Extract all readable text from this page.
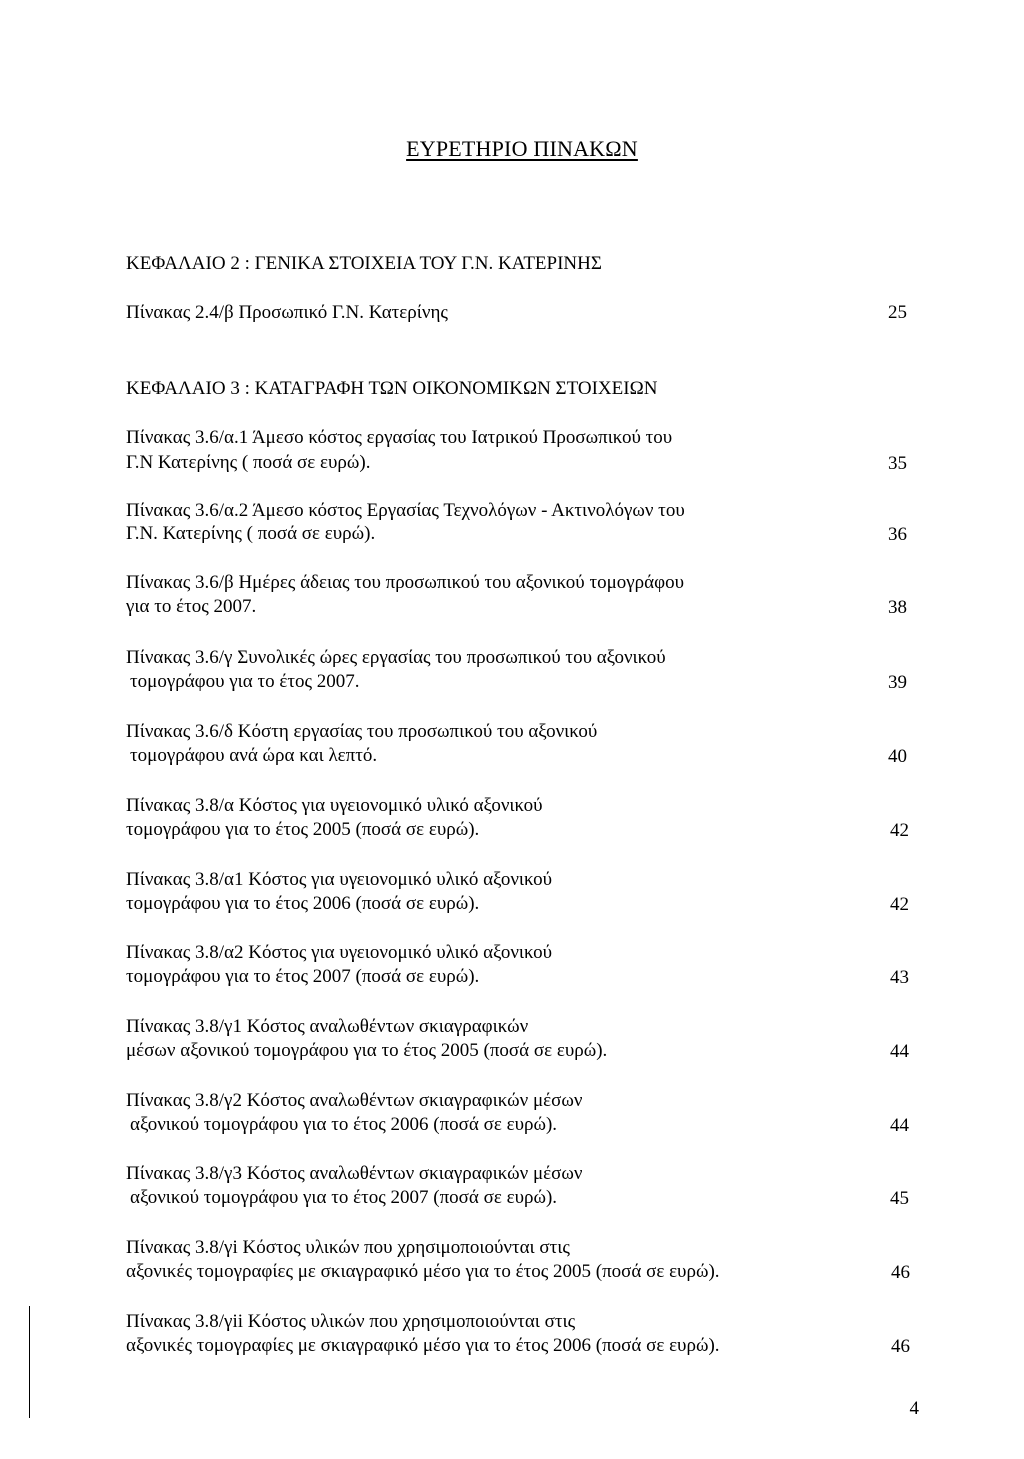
ΕΥΡΕΤΗΡΙΟ ΠΙΝΑΚΩΝ
ΚΕΦΑΛΑΙΟ 2 : ΓΕΝΙΚΑ ΣΤΟΙΧΕΙΑ ΤΟΥ Γ.Ν. ΚΑΤΕΡΙΝΗΣ
Πίνακας 2.4/β Προσωπικό Γ.Ν. Κατερίνης	25
ΚΕΦΑΛΑΙΟ 3 : ΚΑΤΑΓΡΑΦΗ ΤΩΝ ΟΙΚΟΝΟΜΙΚΩΝ ΣΤΟΙΧΕΙΩΝ
Πίνακας 3.6/α.1 Άμεσο κόστος εργασίας του Ιατρικού Προσωπικού του
Γ.Ν Κατερίνης ( ποσά σε ευρώ).	35
Πίνακας 3.6/α.2 Άμεσο κόστος Εργασίας Τεχνολόγων - Ακτινολόγων του
Γ.Ν. Κατερίνης ( ποσά σε ευρώ).	36
Πίνακας 3.6/β Ημέρες άδειας του προσωπικού του αξονικού τομογράφου
για το έτος 2007.	38
Πίνακας 3.6/γ Συνολικές ώρες εργασίας του προσωπικού του αξονικού
τομογράφου για το έτος 2007.	39
Πίνακας 3.6/δ Κόστη εργασίας του προσωπικού του αξονικού
τομογράφου ανά ώρα και λεπτό.	40
Πίνακας 3.8/α Κόστος για υγειονομικό υλικό αξονικού
τομογράφου για το έτος 2005 (ποσά σε ευρώ).	42
Πίνακας 3.8/α1 Κόστος για υγειονομικό υλικό αξονικού
τομογράφου για το έτος 2006 (ποσά σε ευρώ).	42
Πίνακας 3.8/α2 Κόστος για υγειονομικό υλικό αξονικού
τομογράφου για το έτος 2007 (ποσά σε ευρώ).	43
Πίνακας 3.8/γ1 Κόστος αναλωθέντων σκιαγραφικών
μέσων αξονικού τομογράφου για το έτος 2005 (ποσά σε ευρώ).	44
Πίνακας 3.8/γ2 Κόστος αναλωθέντων σκιαγραφικών μέσων
αξονικού τομογράφου για το έτος 2006 (ποσά σε ευρώ).	44
Πίνακας 3.8/γ3 Κόστος αναλωθέντων σκιαγραφικών μέσων
αξονικού τομογράφου για το έτος 2007 (ποσά σε ευρώ).	45
Πίνακας 3.8/γi Κόστος υλικών που χρησιμοποιούνται στις
αξονικές τομογραφίες με σκιαγραφικό μέσο για το έτος 2005 (ποσά σε ευρώ).	46
Πίνακας 3.8/γii Κόστος υλικών που χρησιμοποιούνται στις
αξονικές τομογραφίες με σκιαγραφικό μέσο για το έτος 2006 (ποσά σε ευρώ).	46
4
